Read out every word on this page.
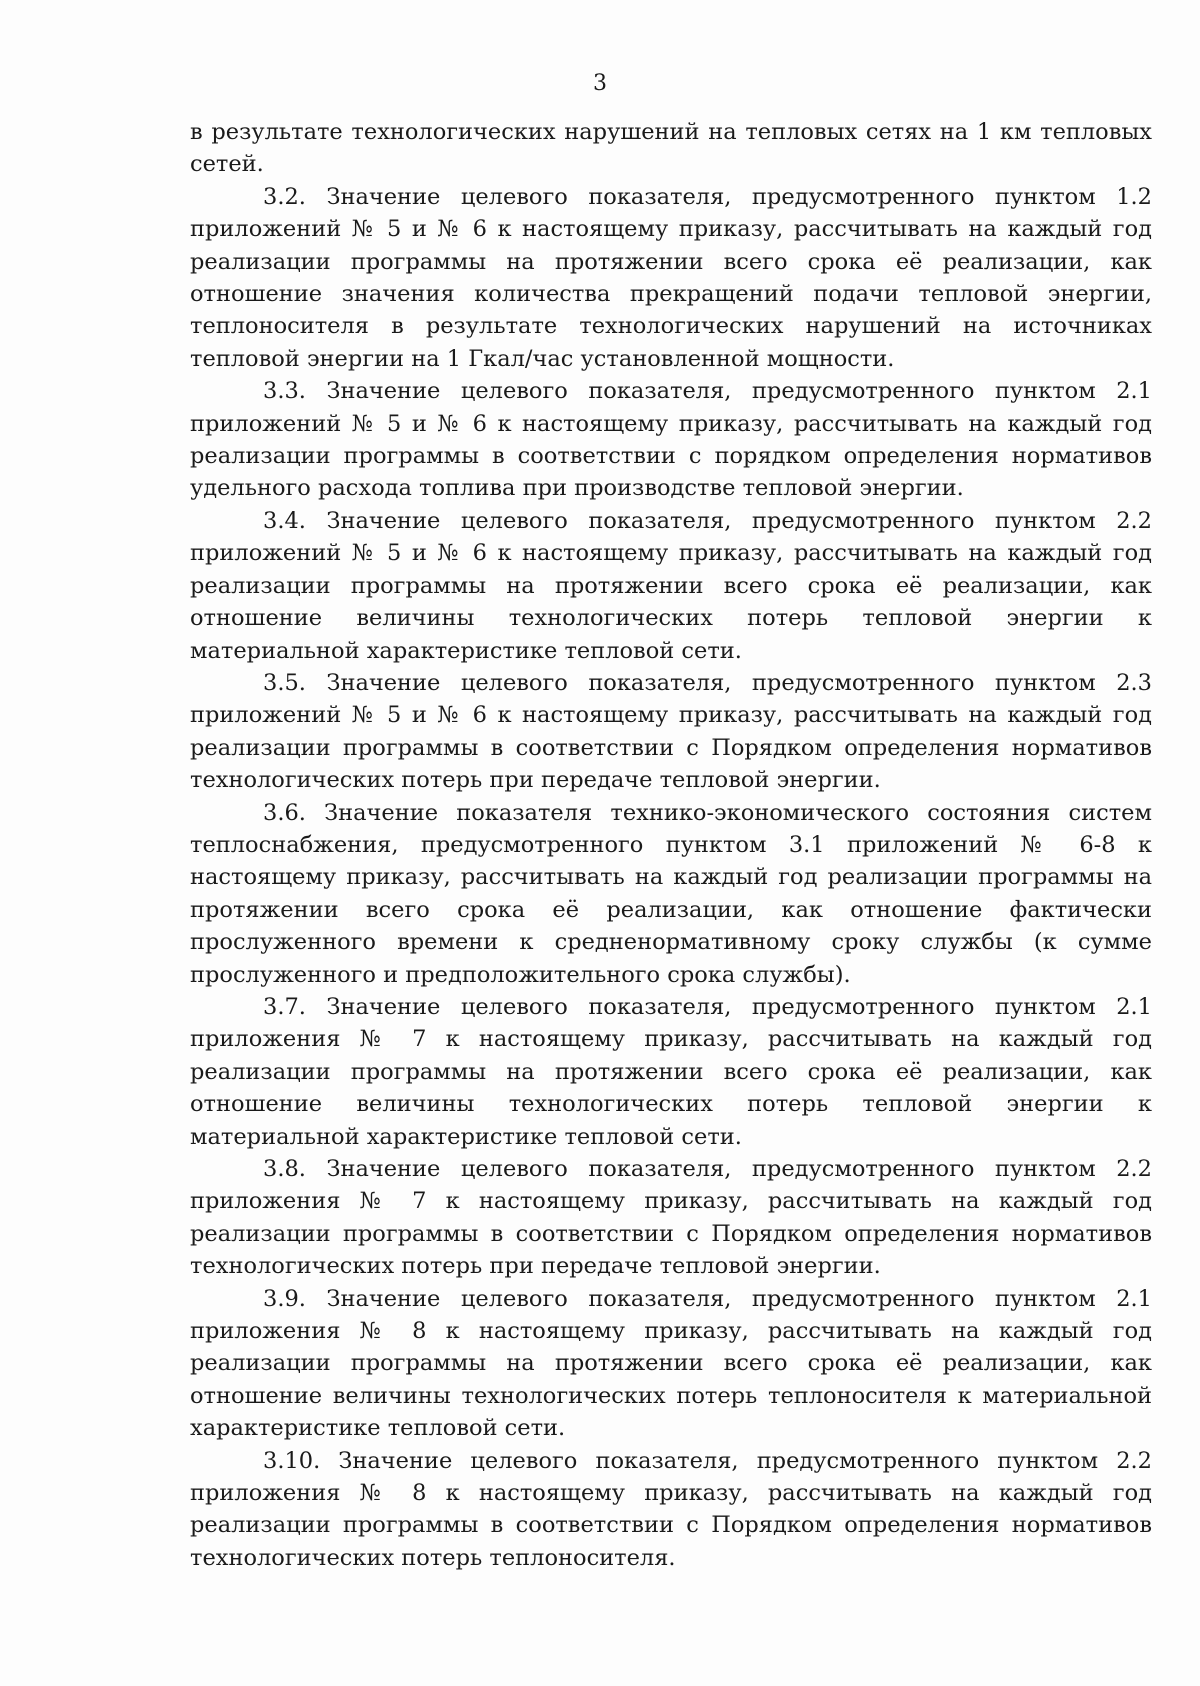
3

в результате технологических нарушений на тепловых сетях на 1 км тепловых сетей.

3.2. Значение целевого показателя, предусмотренного пунктом 1.2 приложений № 5 и № 6 к настоящему приказу, рассчитывать на каждый год реализации программы на протяжении всего срока её реализации, как отношение значения количества прекращений подачи тепловой энергии, теплоносителя в результате технологических нарушений на источниках тепловой энергии на 1 Гкал/час установленной мощности.

3.3. Значение целевого показателя, предусмотренного пунктом 2.1 приложений № 5 и № 6 к настоящему приказу, рассчитывать на каждый год реализации программы в соответствии с порядком определения нормативов удельного расхода топлива при производстве тепловой энергии.

3.4. Значение целевого показателя, предусмотренного пунктом 2.2 приложений № 5 и № 6 к настоящему приказу, рассчитывать на каждый год реализации программы на протяжении всего срока её реализации, как отношение величины технологических потерь тепловой энергии к материальной характеристике тепловой сети.

3.5. Значение целевого показателя, предусмотренного пунктом 2.3 приложений № 5 и № 6 к настоящему приказу, рассчитывать на каждый год реализации программы в соответствии с Порядком определения нормативов технологических потерь при передаче тепловой энергии.

3.6. Значение показателя технико-экономического состояния систем теплоснабжения, предусмотренного пунктом 3.1 приложений № 6-8 к настоящему приказу, рассчитывать на каждый год реализации программы на протяжении всего срока её реализации, как отношение фактически прослуженного времени к средненормативному сроку службы (к сумме прослуженного и предположительного срока службы).

3.7. Значение целевого показателя, предусмотренного пунктом 2.1 приложения № 7 к настоящему приказу, рассчитывать на каждый год реализации программы на протяжении всего срока её реализации, как отношение величины технологических потерь тепловой энергии к материальной характеристике тепловой сети.

3.8. Значение целевого показателя, предусмотренного пунктом 2.2 приложения № 7 к настоящему приказу, рассчитывать на каждый год реализации программы в соответствии с Порядком определения нормативов технологических потерь при передаче тепловой энергии.

3.9. Значение целевого показателя, предусмотренного пунктом 2.1 приложения № 8 к настоящему приказу, рассчитывать на каждый год реализации программы на протяжении всего срока её реализации, как отношение величины технологических потерь теплоносителя к материальной характеристике тепловой сети.

3.10. Значение целевого показателя, предусмотренного пунктом 2.2 приложения № 8 к настоящему приказу, рассчитывать на каждый год реализации программы в соответствии с Порядком определения нормативов технологических потерь теплоносителя.
